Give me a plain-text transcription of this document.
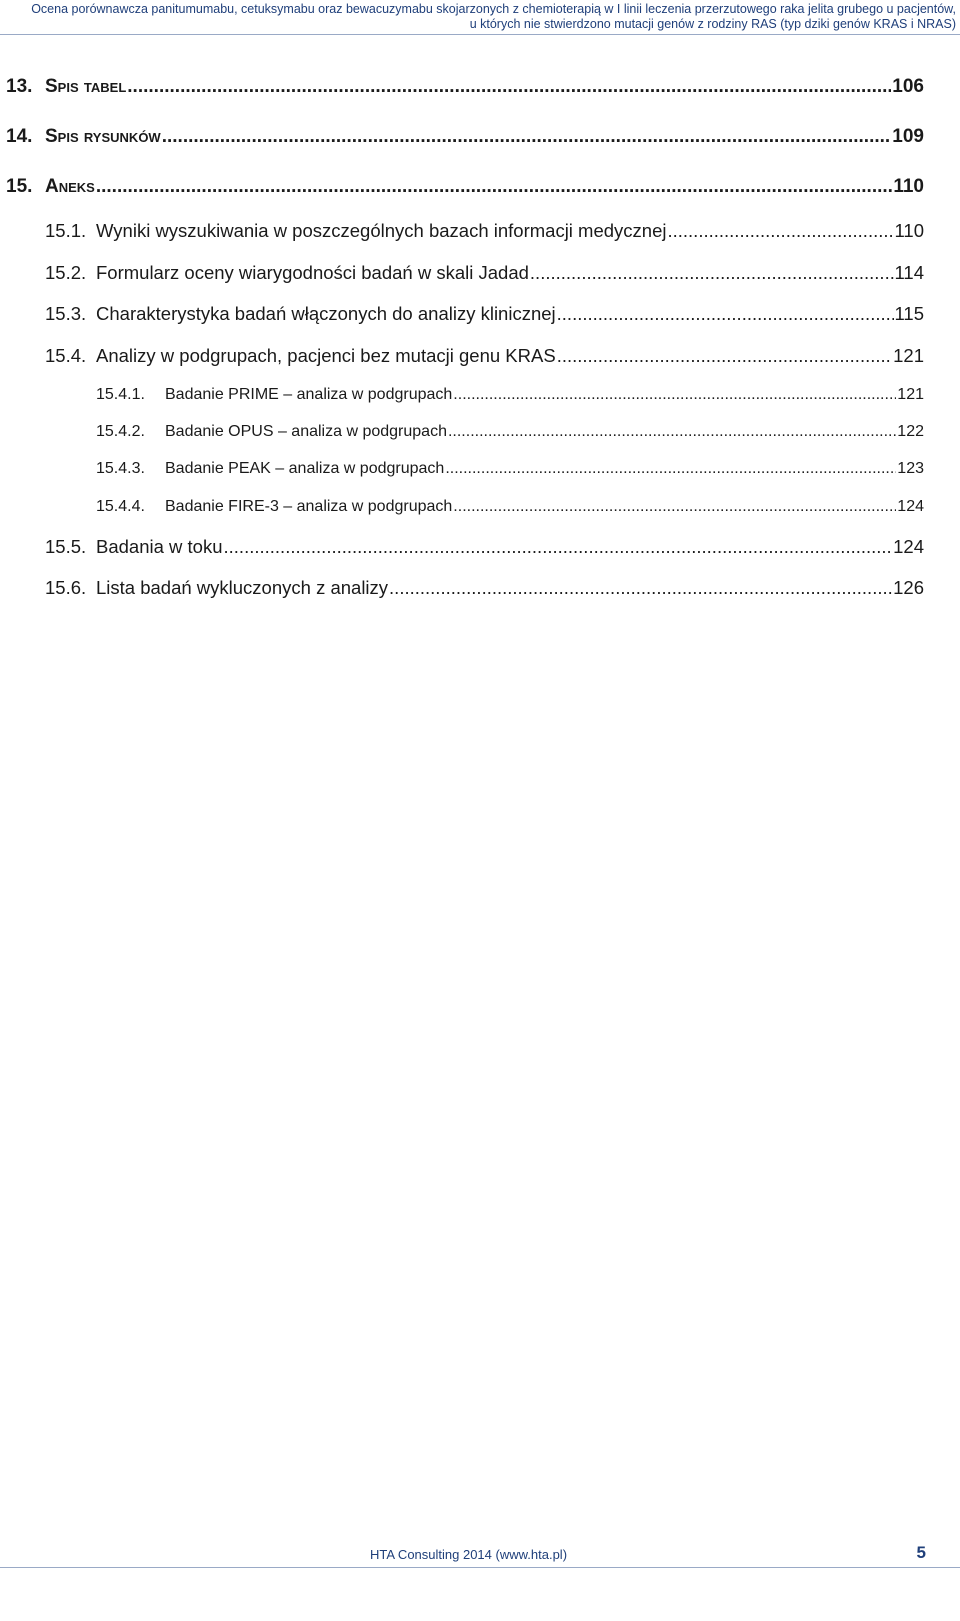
Ocena porównawcza panitumumabu, cetuksymabu oraz bewacuzymabu skojarzonych z chemioterapią w I linii leczenia przerzutowego raka jelita grubego u pacjentów,
u których nie stwierdzono mutacji genów z rodziny RAS (typ dziki genów KRAS i NRAS)
13. Spis tabel .....	106
14. Spis rysunków .....	109
15. Aneks .....	110
15.1. Wyniki wyszukiwania w poszczególnych bazach informacji medycznej .....	110
15.2. Formularz oceny wiarygodności badań w skali Jadad .....	114
15.3. Charakterystyka badań włączonych do analizy klinicznej .....	115
15.4. Analizy w podgrupach, pacjenci bez mutacji genu KRAS .....	121
15.4.1.	Badanie PRIME – analiza w podgrupach .....	121
15.4.2.	Badanie OPUS – analiza w podgrupach .....	122
15.4.3.	Badanie PEAK – analiza w podgrupach .....	123
15.4.4.	Badanie FIRE-3 – analiza w podgrupach .....	124
15.5. Badania w toku .....	124
15.6. Lista badań wykluczonych z analizy .....	126
HTA Consulting 2014 (www.hta.pl)	5
